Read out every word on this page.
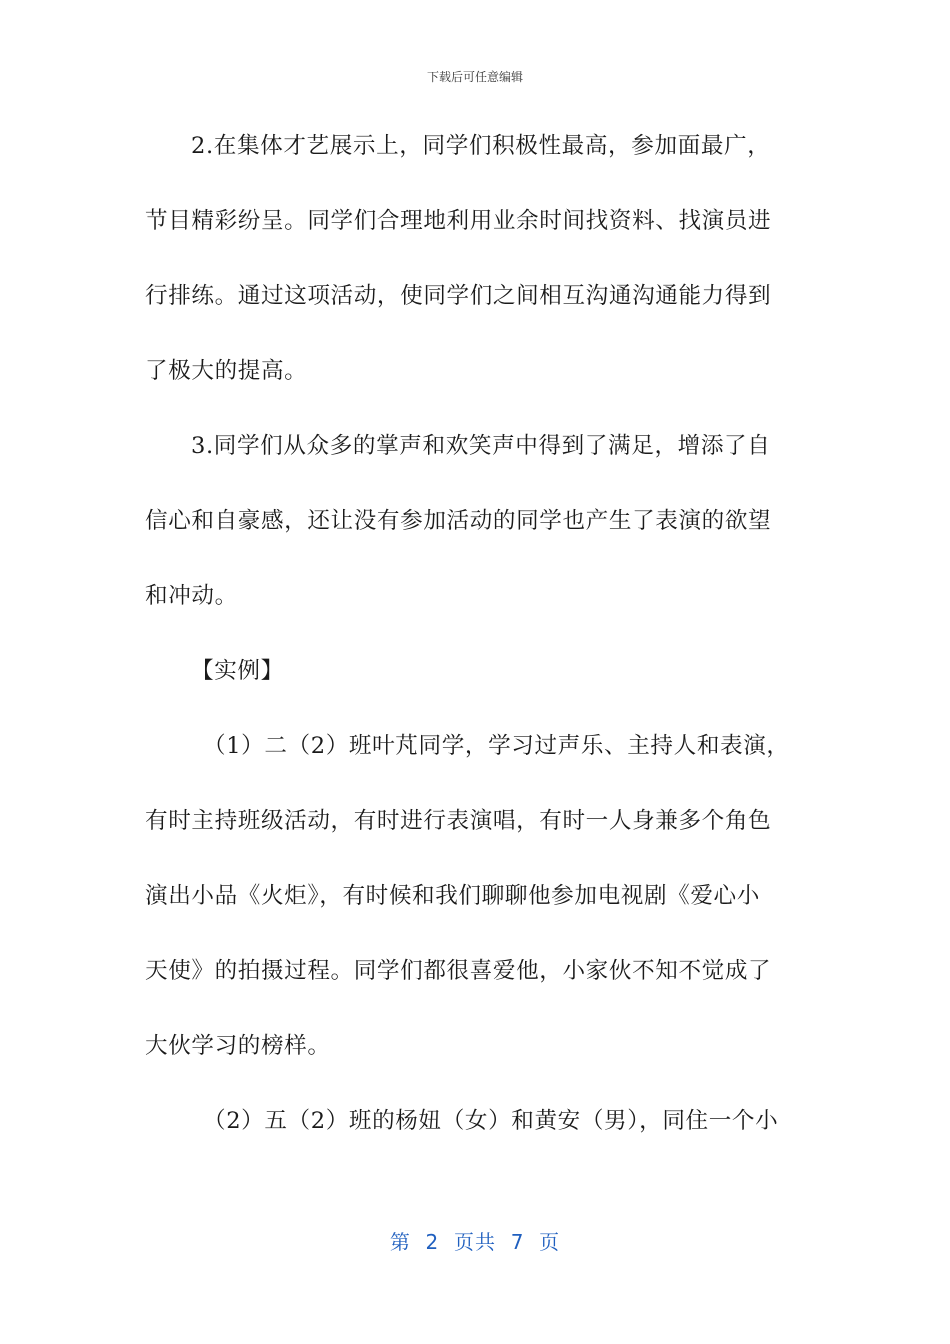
下载后可任意编辑
2.在集体才艺展示上，同学们积极性最高，参加面最广，
节目精彩纷呈。同学们合理地利用业余时间找资料、找演员进
行排练。通过这项活动，使同学们之间相互沟通沟通能力得到
了极大的提高。
3.同学们从众多的掌声和欢笑声中得到了满足，增添了自
信心和自豪感，还让没有参加活动的同学也产生了表演的欲望
和冲动。
【实例】
（1）二（2）班叶芃同学，学习过声乐、主持人和表演，
有时主持班级活动，有时进行表演唱，有时一人身兼多个角色
演出小品《火炬》，有时候和我们聊聊他参加电视剧《爱心小
天使》的拍摄过程。同学们都很喜爱他，小家伙不知不觉成了
大伙学习的榜样。
（2）五（2）班的杨妞（女）和黄安（男），同住一个小
第  2  页共  7  页
